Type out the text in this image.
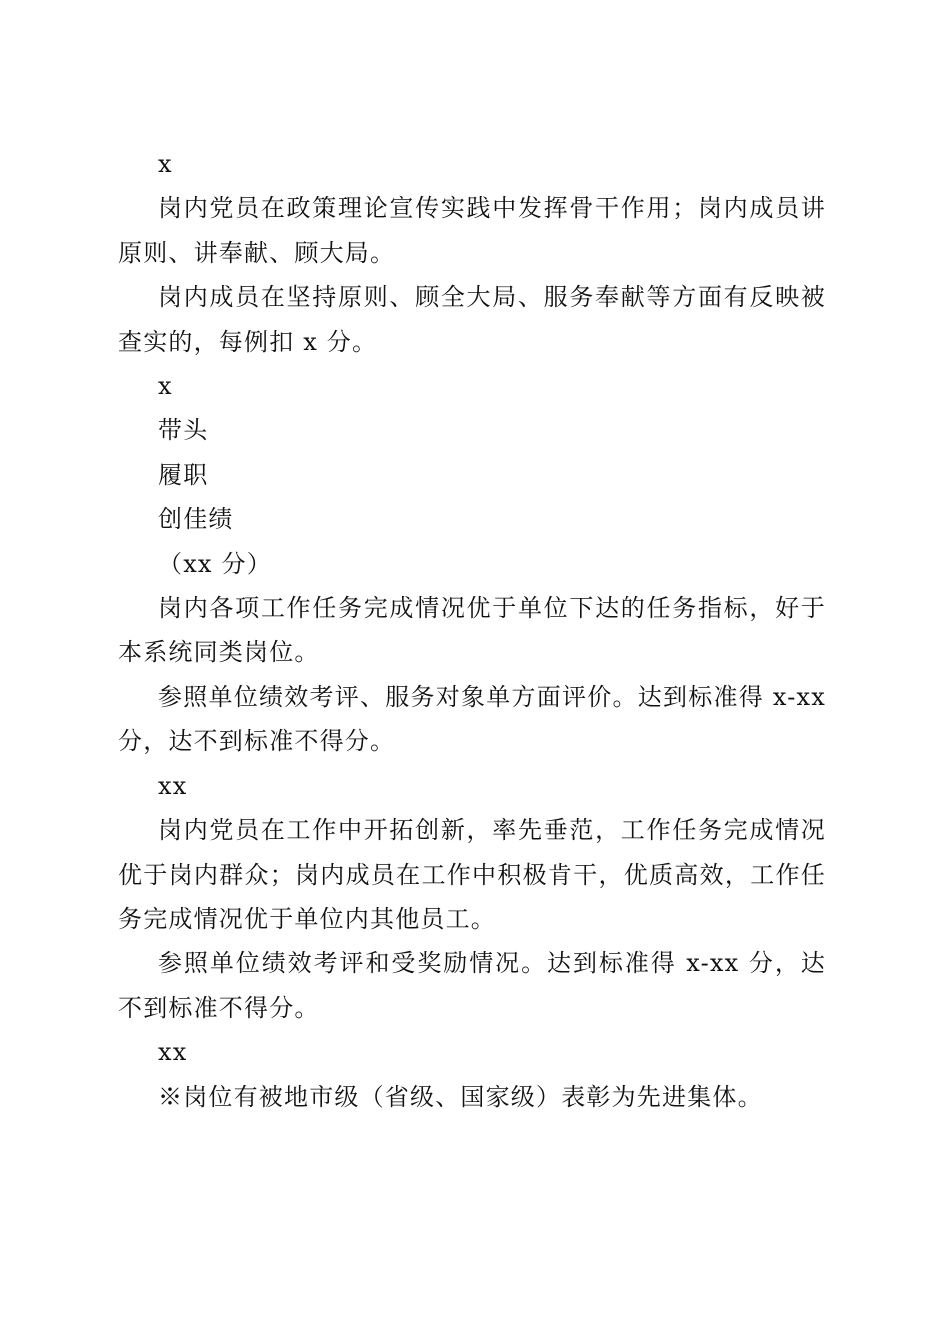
x

岗内党员在政策理论宣传实践中发挥骨干作用；岗内成员讲原则、讲奉献、顾大局。

岗内成员在坚持原则、顾全大局、服务奉献等方面有反映被查实的，每例扣 x 分。

x

带头

履职

创佳绩

（xx 分）

岗内各项工作任务完成情况优于单位下达的任务指标，好于本系统同类岗位。

参照单位绩效考评、服务对象单方面评价。达到标准得 x-xx 分，达不到标准不得分。

xx

岗内党员在工作中开拓创新，率先垂范，工作任务完成情况优于岗内群众；岗内成员在工作中积极肯干，优质高效，工作任务完成情况优于单位内其他员工。

参照单位绩效考评和受奖励情况。达到标准得 x-xx 分，达不到标准不得分。

xx

※岗位有被地市级（省级、国家级）表彰为先进集体。
